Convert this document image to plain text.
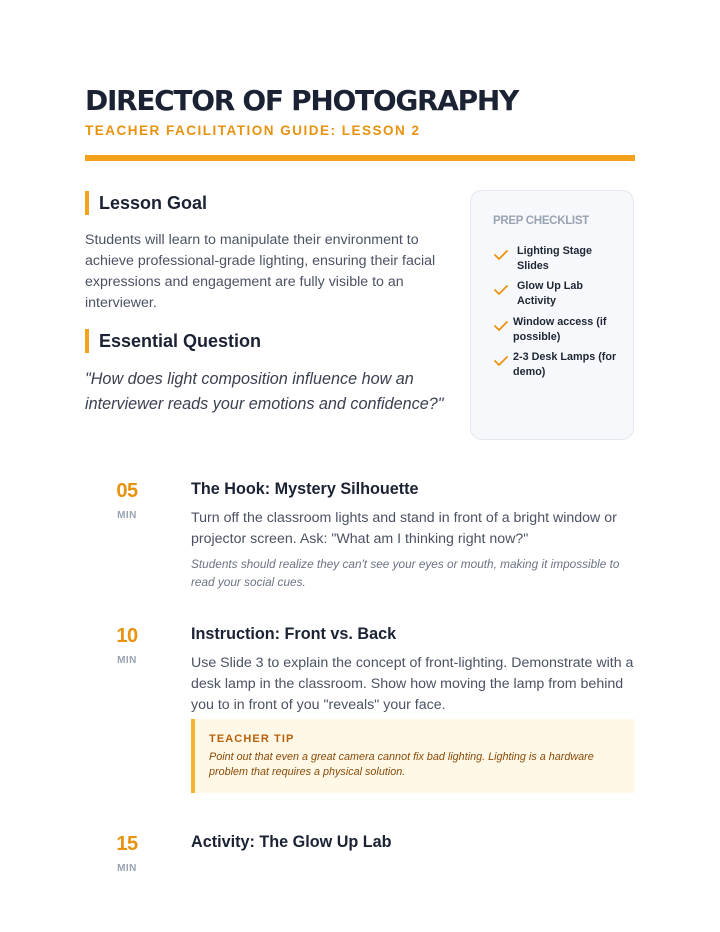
DIRECTOR OF PHOTOGRAPHY
TEACHER FACILITATION GUIDE: LESSON 2
Lesson Goal
Students will learn to manipulate their environment to achieve professional-grade lighting, ensuring their facial expressions and engagement are fully visible to an interviewer.
Essential Question
"How does light composition influence how an interviewer reads your emotions and confidence?"
PREP CHECKLIST
Lighting Stage Slides
Glow Up Lab Activity
Window access (if possible)
2-3 Desk Lamps (for demo)
05
MIN
The Hook: Mystery Silhouette
Turn off the classroom lights and stand in front of a bright window or projector screen. Ask: "What am I thinking right now?"
Students should realize they can't see your eyes or mouth, making it impossible to read your social cues.
10
MIN
Instruction: Front vs. Back
Use Slide 3 to explain the concept of front-lighting. Demonstrate with a desk lamp in the classroom. Show how moving the lamp from behind you to in front of you "reveals" your face.
TEACHER TIP
Point out that even a great camera cannot fix bad lighting. Lighting is a hardware problem that requires a physical solution.
15
MIN
Activity: The Glow Up Lab
